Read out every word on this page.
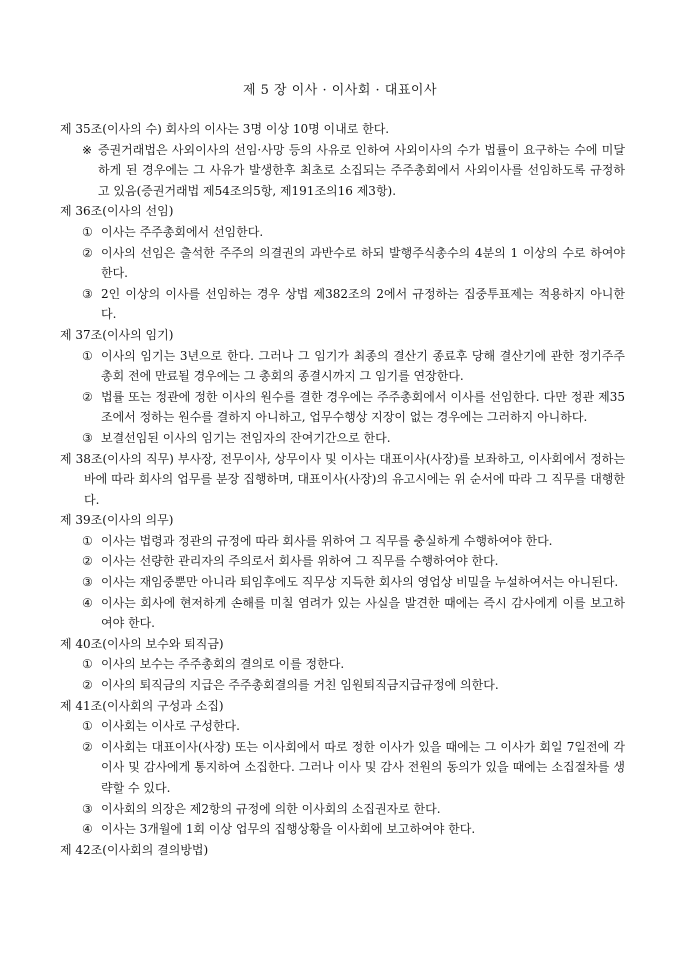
제 5 장 이사 · 이사회 · 대표이사
제 35조(이사의 수) 회사의 이사는 3명 이상 10명 이내로 한다.
※ 증권거래법은 사외이사의 선임·사망 등의 사유로 인하여 사외이사의 수가 법률이 요구하는 수에 미달하게 된 경우에는 그 사유가 발생한후 최초로 소집되는 주주총회에서 사외이사를 선임하도록 규정하고 있음(증권거래법 제54조의5항, 제191조의16 제3항).
제 36조(이사의 선임)
① 이사는 주주총회에서 선임한다.
② 이사의 선임은 출석한 주주의 의결권의 과반수로 하되 발행주식총수의 4분의 1 이상의 수로 하여야 한다.
③ 2인 이상의 이사를 선임하는 경우 상법 제382조의 2에서 규정하는 집중투표제는 적용하지 아니한다.
제 37조(이사의 임기)
① 이사의 임기는 3년으로 한다. 그러나 그 임기가 최종의 결산기 종료후 당해 결산기에 관한 정기주주총회 전에 만료될 경우에는 그 총회의 종결시까지 그 임기를 연장한다.
② 법률 또는 정관에 정한 이사의 원수를 결한 경우에는 주주총회에서 이사를 선임한다. 다만 정관 제35조에서 정하는 원수를 결하지 아니하고, 업무수행상 지장이 없는 경우에는 그러하지 아니하다.
③ 보결선임된 이사의 임기는 전임자의 잔여기간으로 한다.
제 38조(이사의 직무) 부사장, 전무이사, 상무이사 및 이사는 대표이사(사장)를 보좌하고, 이사회에서 정하는 바에 따라 회사의 업무를 분장 집행하며, 대표이사(사장)의 유고시에는 위 순서에 따라 그 직무를 대행한다.
제 39조(이사의 의무)
① 이사는 법령과 정관의 규정에 따라 회사를 위하여 그 직무를 충실하게 수행하여야 한다.
② 이사는 선량한 관리자의 주의로서 회사를 위하여 그 직무를 수행하여야 한다.
③ 이사는 재임중뿐만 아니라 퇴임후에도 직무상 지득한 회사의 영업상 비밀을 누설하여서는 아니된다.
④ 이사는 회사에 현저하게 손해를 미칠 염려가 있는 사실을 발견한 때에는 즉시 감사에게 이를 보고하여야 한다.
제 40조(이사의 보수와 퇴직금)
① 이사의 보수는 주주총회의 결의로 이를 정한다.
② 이사의 퇴직금의 지급은 주주총회결의를 거친 임원퇴직금지급규정에 의한다.
제 41조(이사회의 구성과 소집)
① 이사회는 이사로 구성한다.
② 이사회는 대표이사(사장) 또는 이사회에서 따로 정한 이사가 있을 때에는 그 이사가 회일 7일전에 각 이사 및 감사에게 통지하여 소집한다. 그러나 이사 및 감사 전원의 동의가 있을 때에는 소집절차를 생략할 수 있다.
③ 이사회의 의장은 제2항의 규정에 의한 이사회의 소집권자로 한다.
④ 이사는 3개월에 1회 이상 업무의 집행상황을 이사회에 보고하여야 한다.
제 42조(이사회의 결의방법)
